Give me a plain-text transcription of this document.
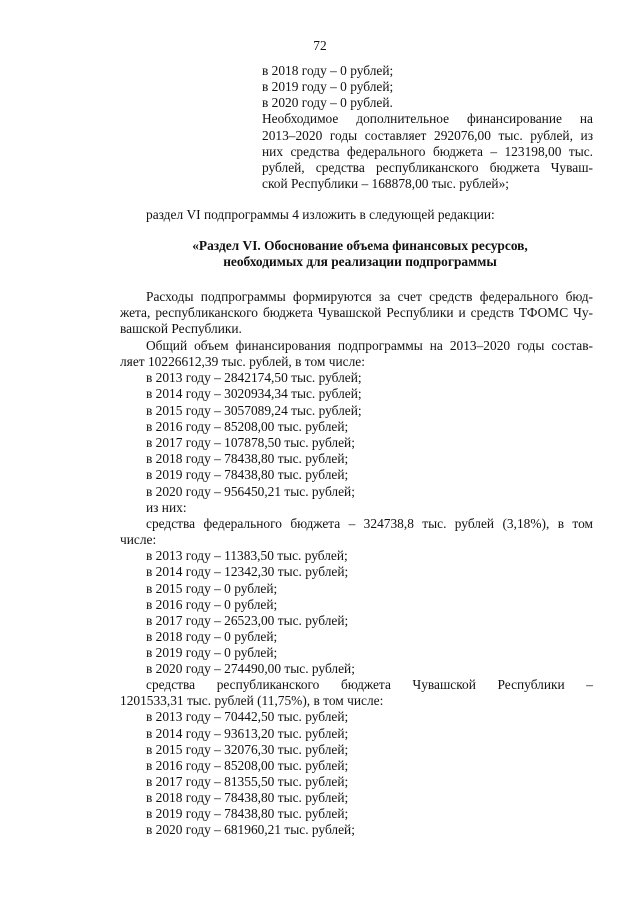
72
в 2018 году – 0 рублей;
в 2019 году – 0 рублей;
в 2020 году – 0 рублей.
Необходимое дополнительное финансирование на
2013–2020 годы составляет 292076,00 тыс. рублей, из
них средства федерального бюджета – 123198,00 тыс.
рублей, средства республиканского бюджета Чуваш-
ской Республики – 168878,00 тыс. рублей»;
раздел VI подпрограммы 4 изложить в следующей редакции:
«Раздел VI. Обоснование объема финансовых ресурсов,
необходимых для реализации подпрограммы
Расходы подпрограммы формируются за счет средств федерального бюд-
жета, республиканского бюджета Чувашской Республики и средств ТФОМС Чу-
вашской Республики.
Общий объем финансирования подпрограммы на 2013–2020 годы состав-
ляет 10226612,39 тыс. рублей, в том числе:
в 2013 году – 2842174,50 тыс. рублей;
в 2014 году – 3020934,34 тыс. рублей;
в 2015 году – 3057089,24 тыс. рублей;
в 2016 году – 85208,00 тыс. рублей;
в 2017 году – 107878,50 тыс. рублей;
в 2018 году – 78438,80 тыс. рублей;
в 2019 году – 78438,80 тыс. рублей;
в 2020 году – 956450,21 тыс. рублей;
из них:
средства федерального бюджета – 324738,8 тыс. рублей (3,18%), в том
числе:
в 2013 году – 11383,50 тыс. рублей;
в 2014 году – 12342,30 тыс. рублей;
в 2015 году – 0 рублей;
в 2016 году – 0 рублей;
в 2017 году – 26523,00 тыс. рублей;
в 2018 году – 0 рублей;
в 2019 году – 0 рублей;
в 2020 году – 274490,00 тыс. рублей;
средства республиканского бюджета Чувашской Республики –
1201533,31 тыс. рублей (11,75%), в том числе:
в 2013 году – 70442,50 тыс. рублей;
в 2014 году – 93613,20 тыс. рублей;
в 2015 году – 32076,30 тыс. рублей;
в 2016 году – 85208,00 тыс. рублей;
в 2017 году – 81355,50 тыс. рублей;
в 2018 году – 78438,80 тыс. рублей;
в 2019 году – 78438,80 тыс. рублей;
в 2020 году – 681960,21 тыс. рублей;
